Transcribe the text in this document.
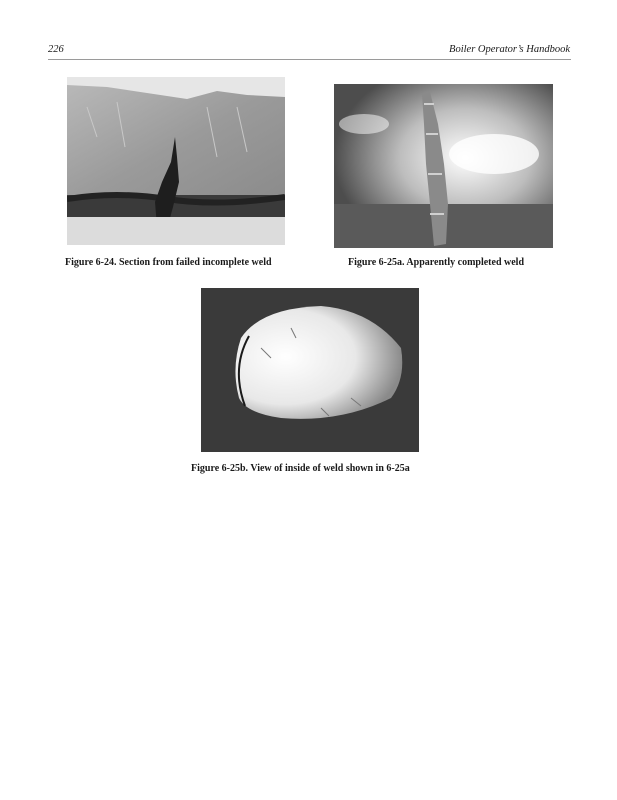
226	Boiler Operator’s Handbook
Figure 6-24. Section from failed incomplete weld	Figure 6-25a. Apparently completed weld
Figure 6-25b. View of inside of weld shown in 6-25a
